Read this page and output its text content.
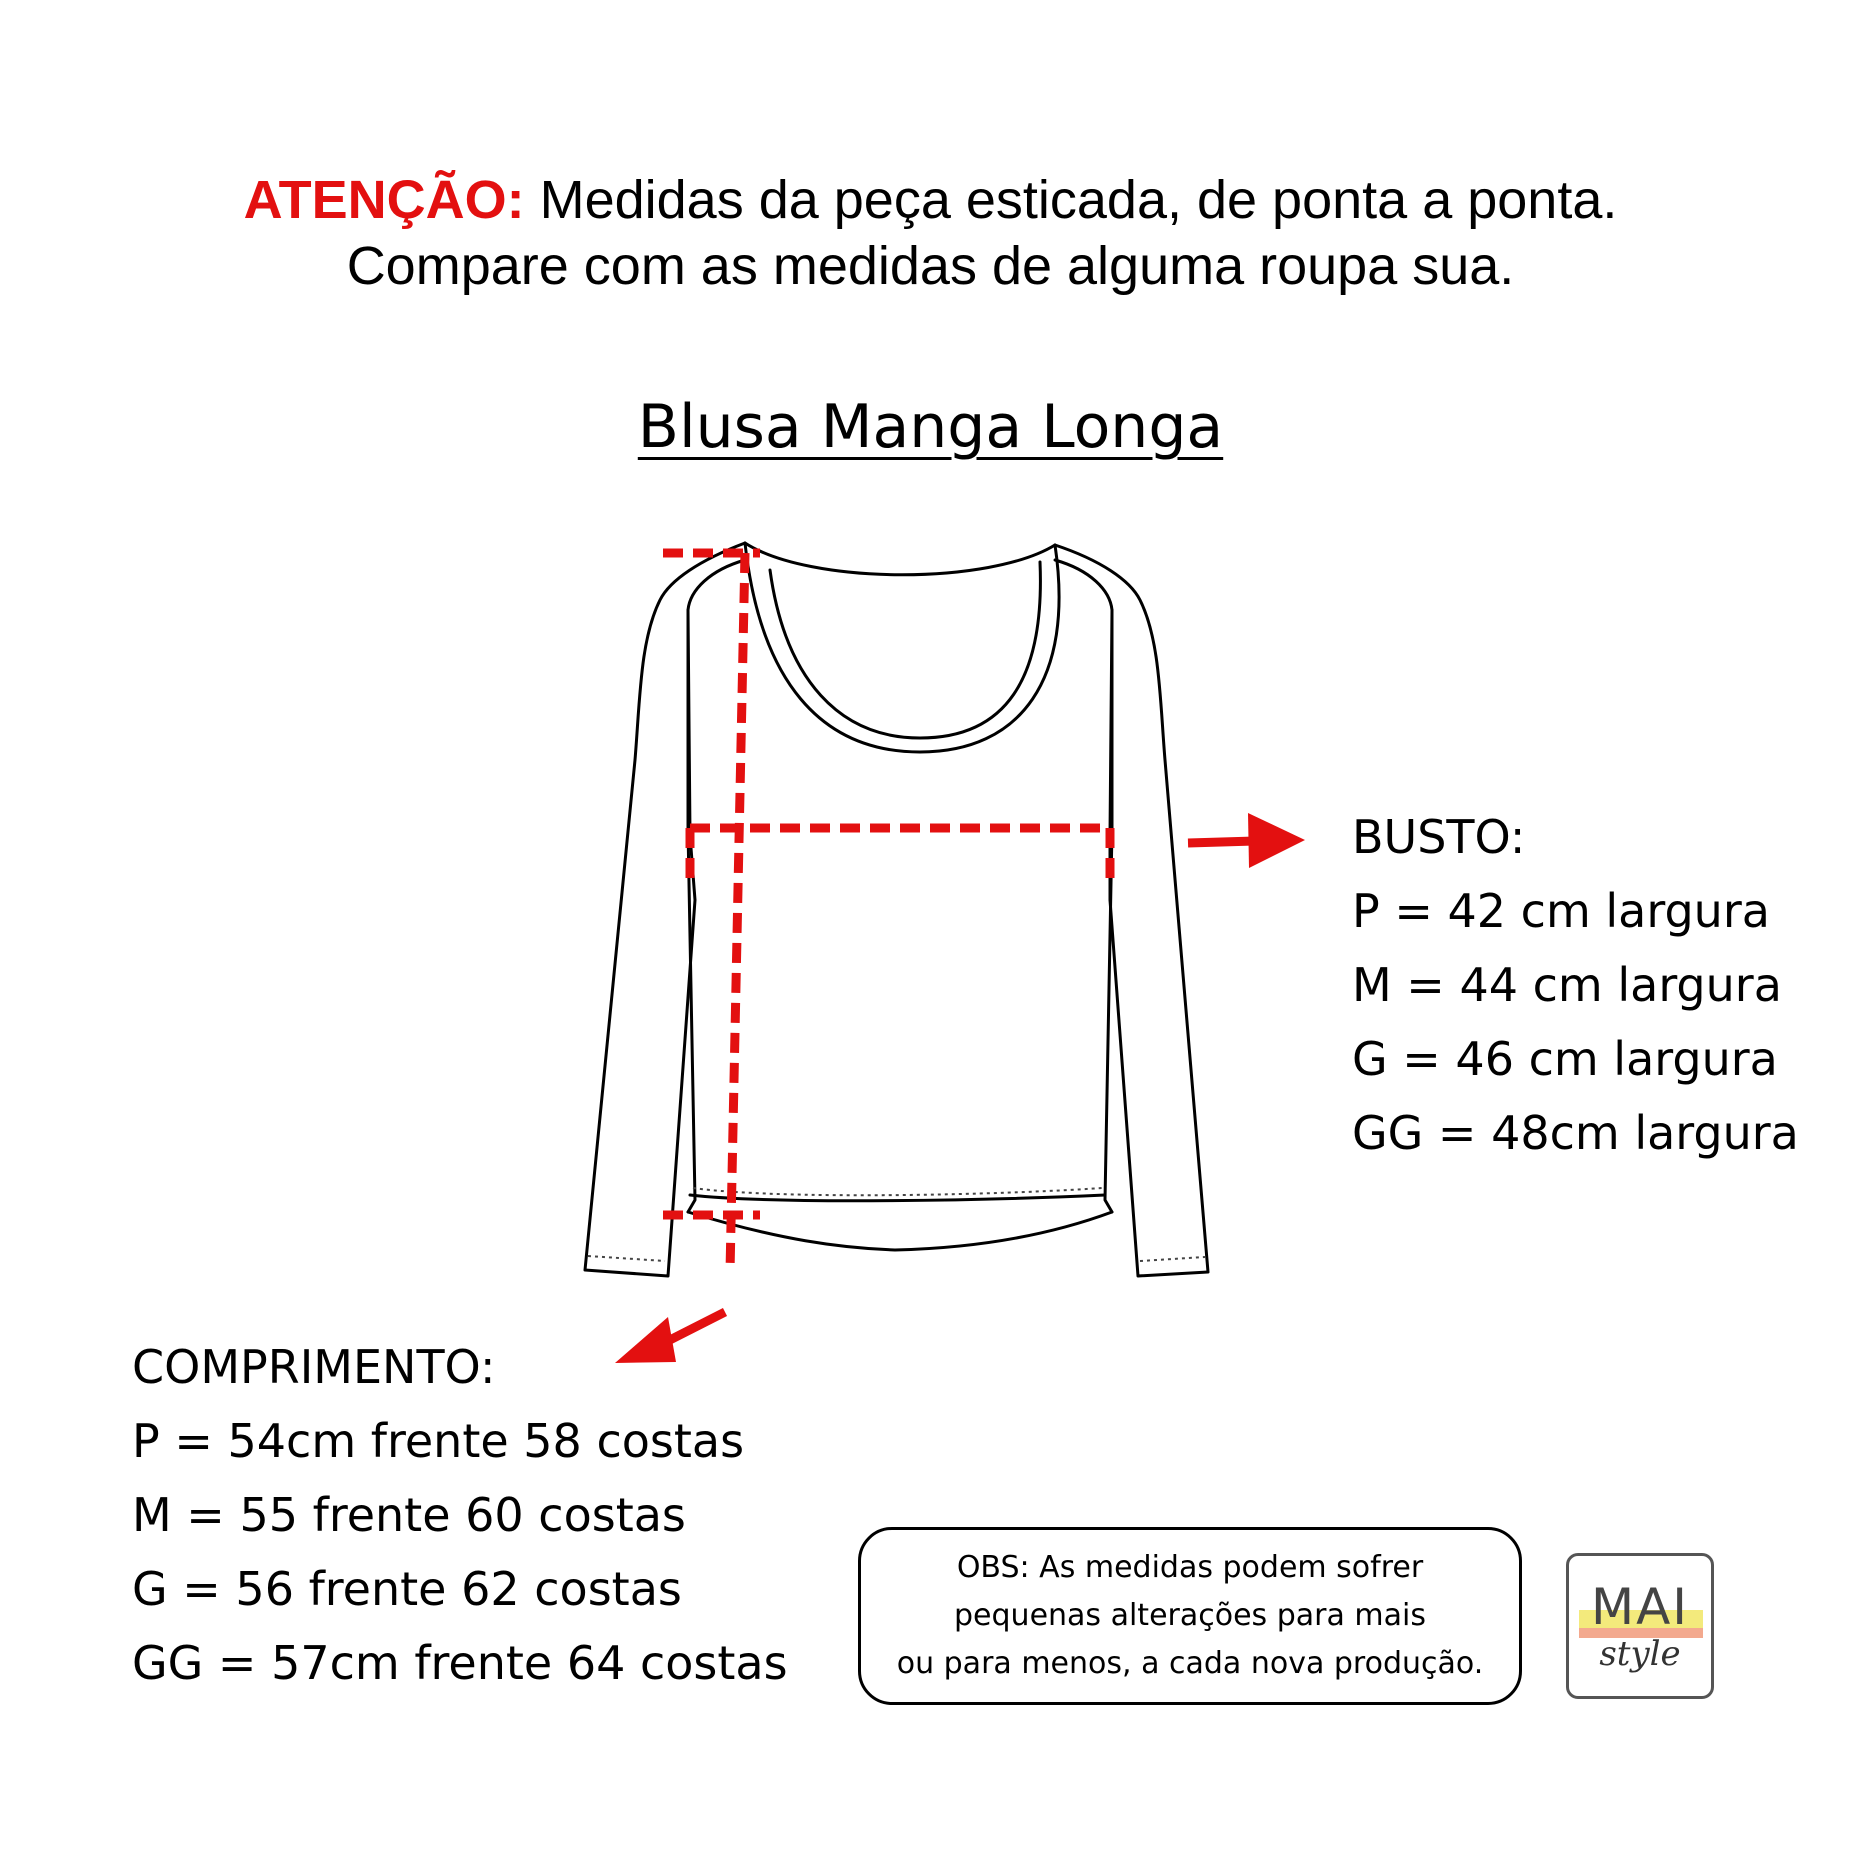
ATENÇÃO: Medidas da peça esticada, de ponta a ponta.
Compare com as medidas de alguma roupa sua.
Blusa Manga Longa
BUSTO:
P = 42 cm largura
M = 44 cm largura
G = 46 cm largura
GG = 48cm largura
COMPRIMENTO:
P = 54cm frente 58 costas
M = 55 frente 60 costas
G = 56 frente 62 costas
GG = 57cm frente 64 costas
OBS: As medidas podem sofrer
pequenas alterações para mais
ou para menos, a cada nova produção.
MAI
style
